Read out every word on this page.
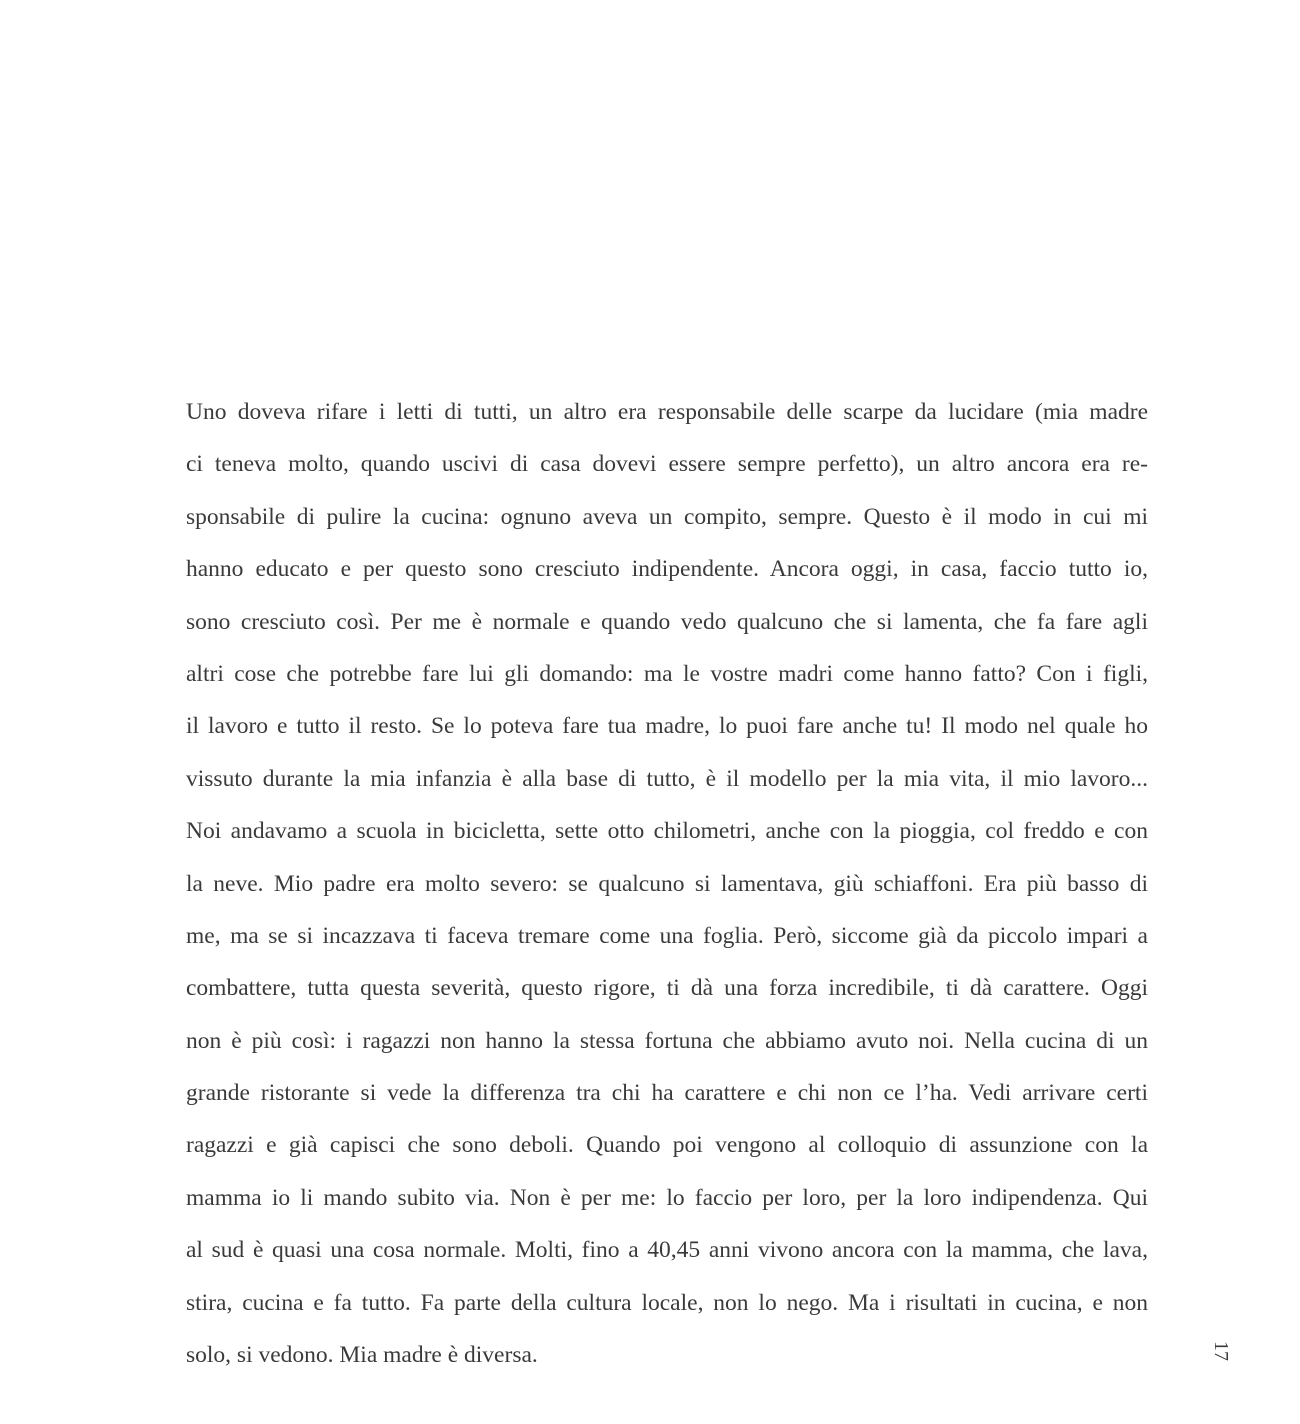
Uno doveva rifare i letti di tutti, un altro era responsabile delle scarpe da lucidare (mia madre
ci teneva molto, quando uscivi di casa dovevi essere sempre perfetto), un altro ancora era re-
sponsabile di pulire la cucina: ognuno aveva un compito, sempre. Questo è il modo in cui mi
hanno educato e per questo sono cresciuto indipendente. Ancora oggi, in casa, faccio tutto io,
sono cresciuto così. Per me è normale e quando vedo qualcuno che si lamenta, che fa fare agli
altri cose che potrebbe fare lui gli domando: ma le vostre madri come hanno fatto? Con i figli,
il lavoro e tutto il resto. Se lo poteva fare tua madre, lo puoi fare anche tu! Il modo nel quale ho
vissuto durante la mia infanzia è alla base di tutto, è il modello per la mia vita, il mio lavoro...
Noi andavamo a scuola in bicicletta, sette otto chilometri, anche con la pioggia, col freddo e con
la neve. Mio padre era molto severo: se qualcuno si lamentava, giù schiaffoni. Era più basso di
me, ma se si incazzava ti faceva tremare come una foglia. Però, siccome già da piccolo impari a
combattere, tutta questa severità, questo rigore, ti dà una forza incredibile, ti dà carattere. Oggi
non è più così: i ragazzi non hanno la stessa fortuna che abbiamo avuto noi. Nella cucina di un
grande ristorante si vede la differenza tra chi ha carattere e chi non ce l’ha. Vedi arrivare certi
ragazzi e già capisci che sono deboli. Quando poi vengono al colloquio di assunzione con la
mamma io li mando subito via. Non è per me: lo faccio per loro, per la loro indipendenza. Qui
al sud è quasi una cosa normale. Molti, fino a 40,45 anni vivono ancora con la mamma, che lava,
stira, cucina e fa tutto. Fa parte della cultura locale, non lo nego. Ma i risultati in cucina, e non
solo, si vedono. Mia madre è diversa.	17
